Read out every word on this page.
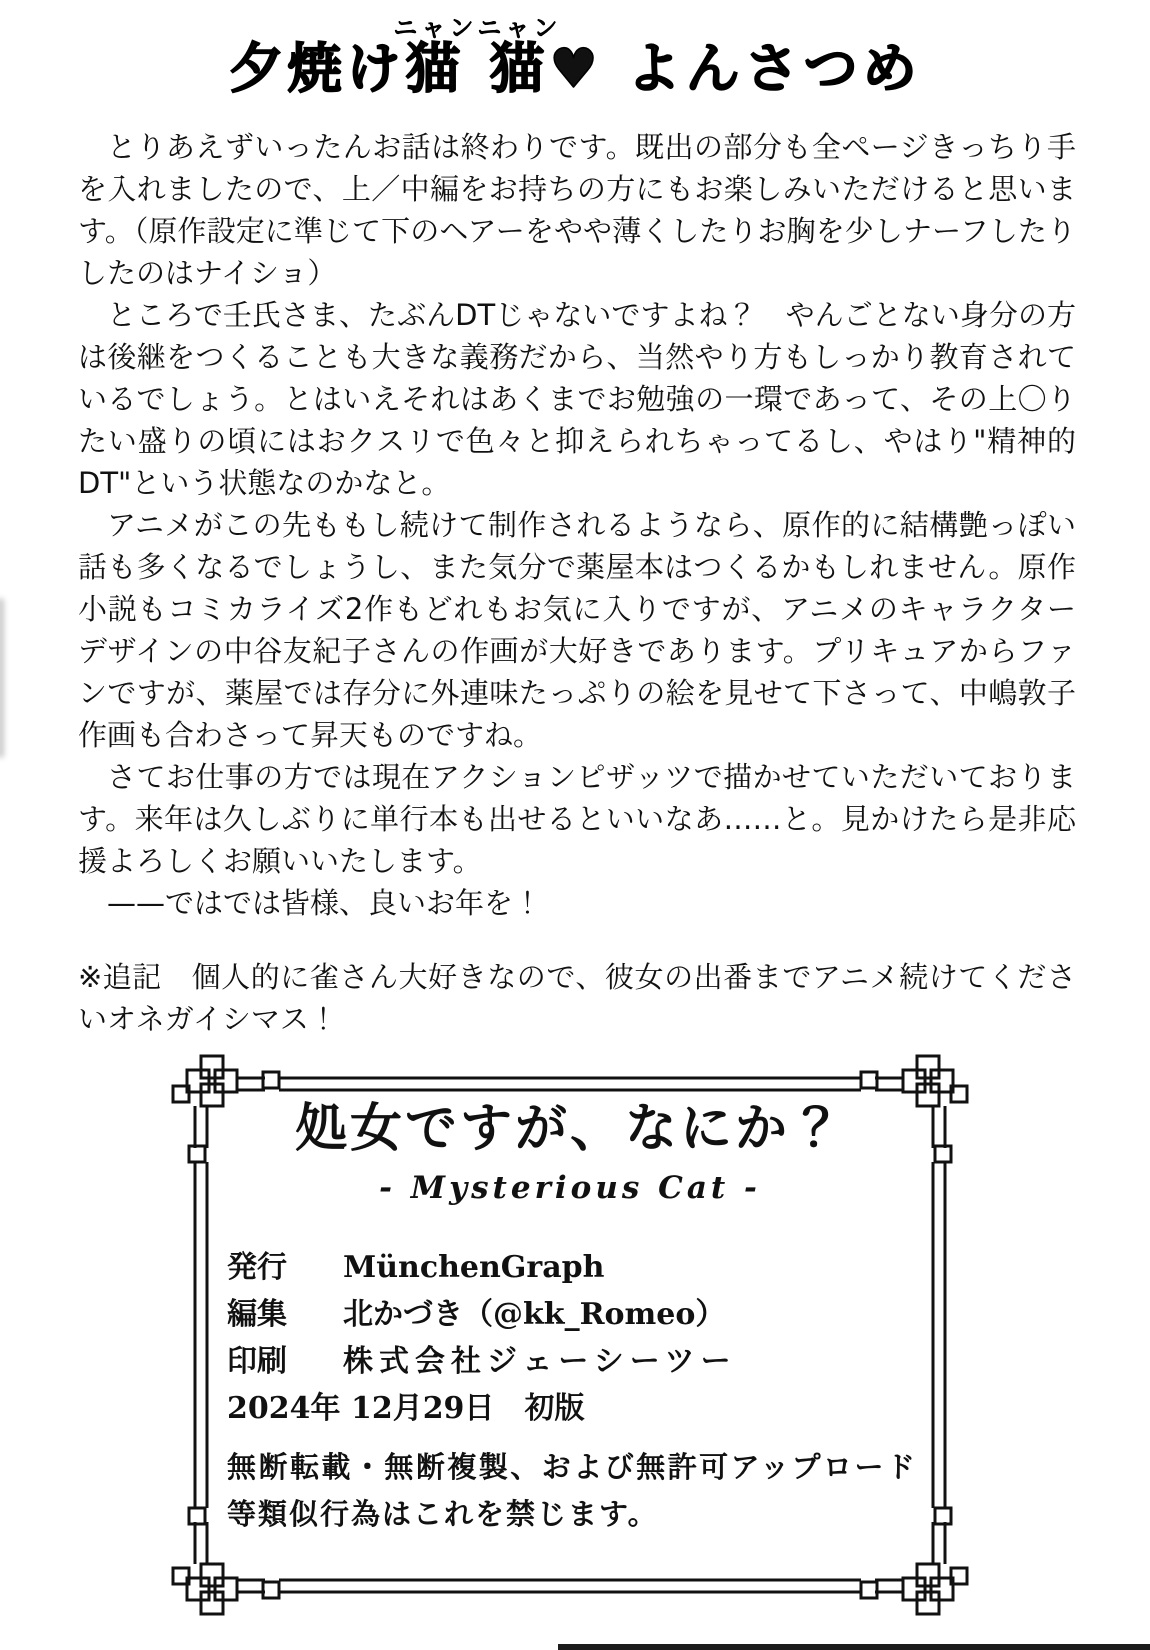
夕焼け猫猫ニャンニャン♥ よんさつめ

とりあえずいったんお話は終わりです。既出の部分も全ページきっちり手を入れましたので、上／中編をお持ちの方にもお楽しみいただけると思います。（原作設定に準じて下のヘアーをやや薄くしたりお胸を少しナーフしたりしたのはナイショ）

ところで壬氏さま、たぶんDTじゃないですよね？　やんごとない身分の方は後継をつくることも大きな義務だから、当然やり方もしっかり教育されているでしょう。とはいえそれはあくまでお勉強の一環であって、その上〇りたい盛りの頃にはおクスリで色々と抑えられちゃってるし、やはり"精神的DT"という状態なのかなと。

アニメがこの先ももし続けて制作されるようなら、原作的に結構艶っぽい話も多くなるでしょうし、また気分で薬屋本はつくるかもしれません。原作小説もコミカライズ2作もどれもお気に入りですが、アニメのキャラクターデザインの中谷友紀子さんの作画が大好きであります。プリキュアからファンですが、薬屋では存分に外連味たっぷりの絵を見せて下さって、中嶋敦子作画も合わさって昇天ものですね。

さてお仕事の方では現在アクションピザッツで描かせていただいております。来年は久しぶりに単行本も出せるといいなあ……と。見かけたら是非応援よろしくお願いいたします。

——ではでは皆様、良いお年を！

※追記　個人的に雀さん大好きなので、彼女の出番までアニメ続けてくださいオネガイシマス！

処女ですが、なにか？
- Mysterious Cat -
発行 MünchenGraph
編集 北かづき（@kk_Romeo）
印刷 株式会社ジェーシーツー
2024年 12月29日　初版
無断転載・無断複製、および無許可アップロード等類似行為はこれを禁じます。
